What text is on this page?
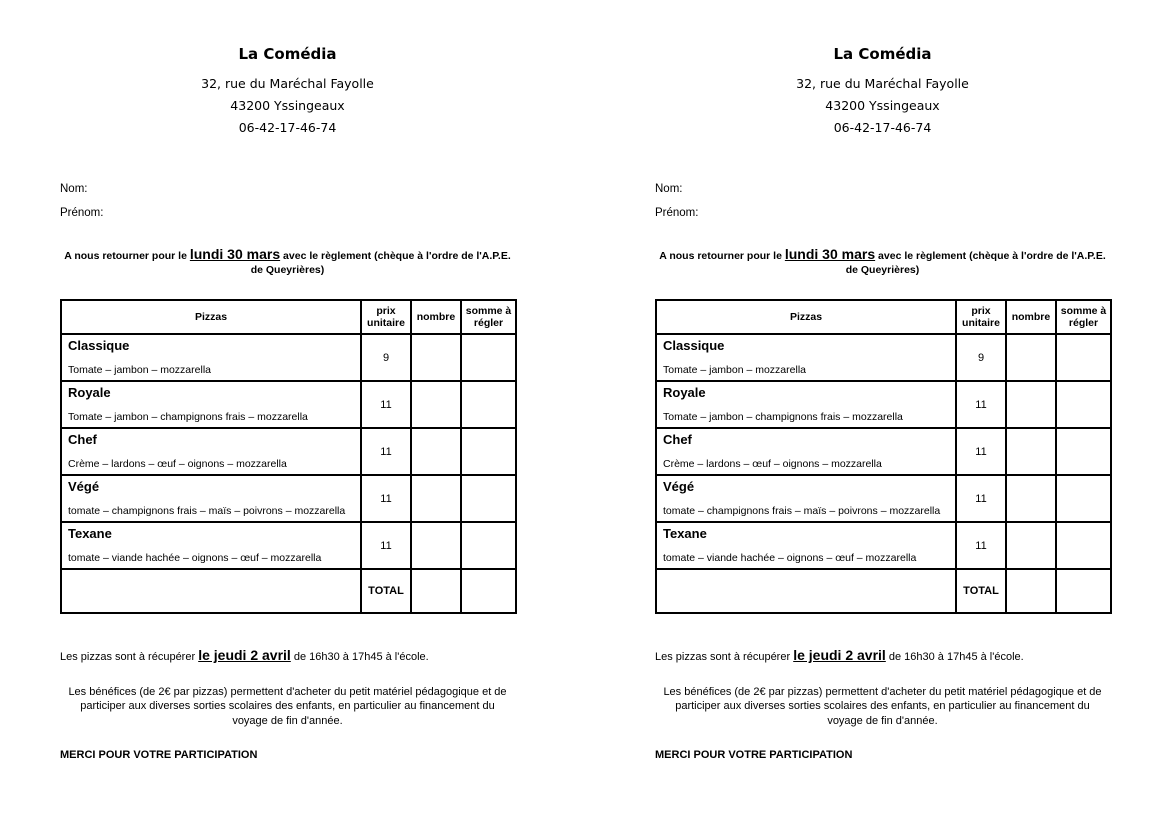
La Comédia
32, rue du Maréchal Fayolle
43200 Yssingeaux
06-42-17-46-74
Nom:
Prénom:

A nous retourner pour le lundi 30 mars avec le règlement (chèque à l'ordre de l'A.P.E. de Queyrières)

Pizzas	prix unitaire	nombre	somme à régler

Classique
Tomate – jambon – mozzarella	9		

Royale
Tomate – jambon – champignons frais – mozzarella	11		

Chef
Crème – lardons – œuf – oignons – mozzarella	11		

Végé
tomate – champignons frais – maïs – poivrons – mozzarella	11		

Texane
tomate – viande hachée – oignons – œuf – mozzarella	11		
	TOTAL		

Les pizzas sont à récupérer le jeudi 2 avril de 16h30 à 17h45 à l'école.

Les bénéfices (de 2€ par pizzas) permettent d'acheter du petit matériel pédagogique et de participer aux diverses sorties scolaires des enfants, en particulier au financement du voyage de fin d'année.

MERCI POUR VOTRE PARTICIPATION

La Comédia
32, rue du Maréchal Fayolle
43200 Yssingeaux
06-42-17-46-74
Nom:
Prénom:

A nous retourner pour le lundi 30 mars avec le règlement (chèque à l'ordre de l'A.P.E. de Queyrières)

Pizzas	prix unitaire	nombre	somme à régler

Classique
Tomate – jambon – mozzarella	9		

Royale
Tomate – jambon – champignons frais – mozzarella	11		

Chef
Crème – lardons – œuf – oignons – mozzarella	11		

Végé
tomate – champignons frais – maïs – poivrons – mozzarella	11		

Texane
tomate – viande hachée – oignons – œuf – mozzarella	11		
	TOTAL		

Les pizzas sont à récupérer le jeudi 2 avril de 16h30 à 17h45 à l'école.

Les bénéfices (de 2€ par pizzas) permettent d'acheter du petit matériel pédagogique et de participer aux diverses sorties scolaires des enfants, en particulier au financement du voyage de fin d'année.

MERCI POUR VOTRE PARTICIPATION
